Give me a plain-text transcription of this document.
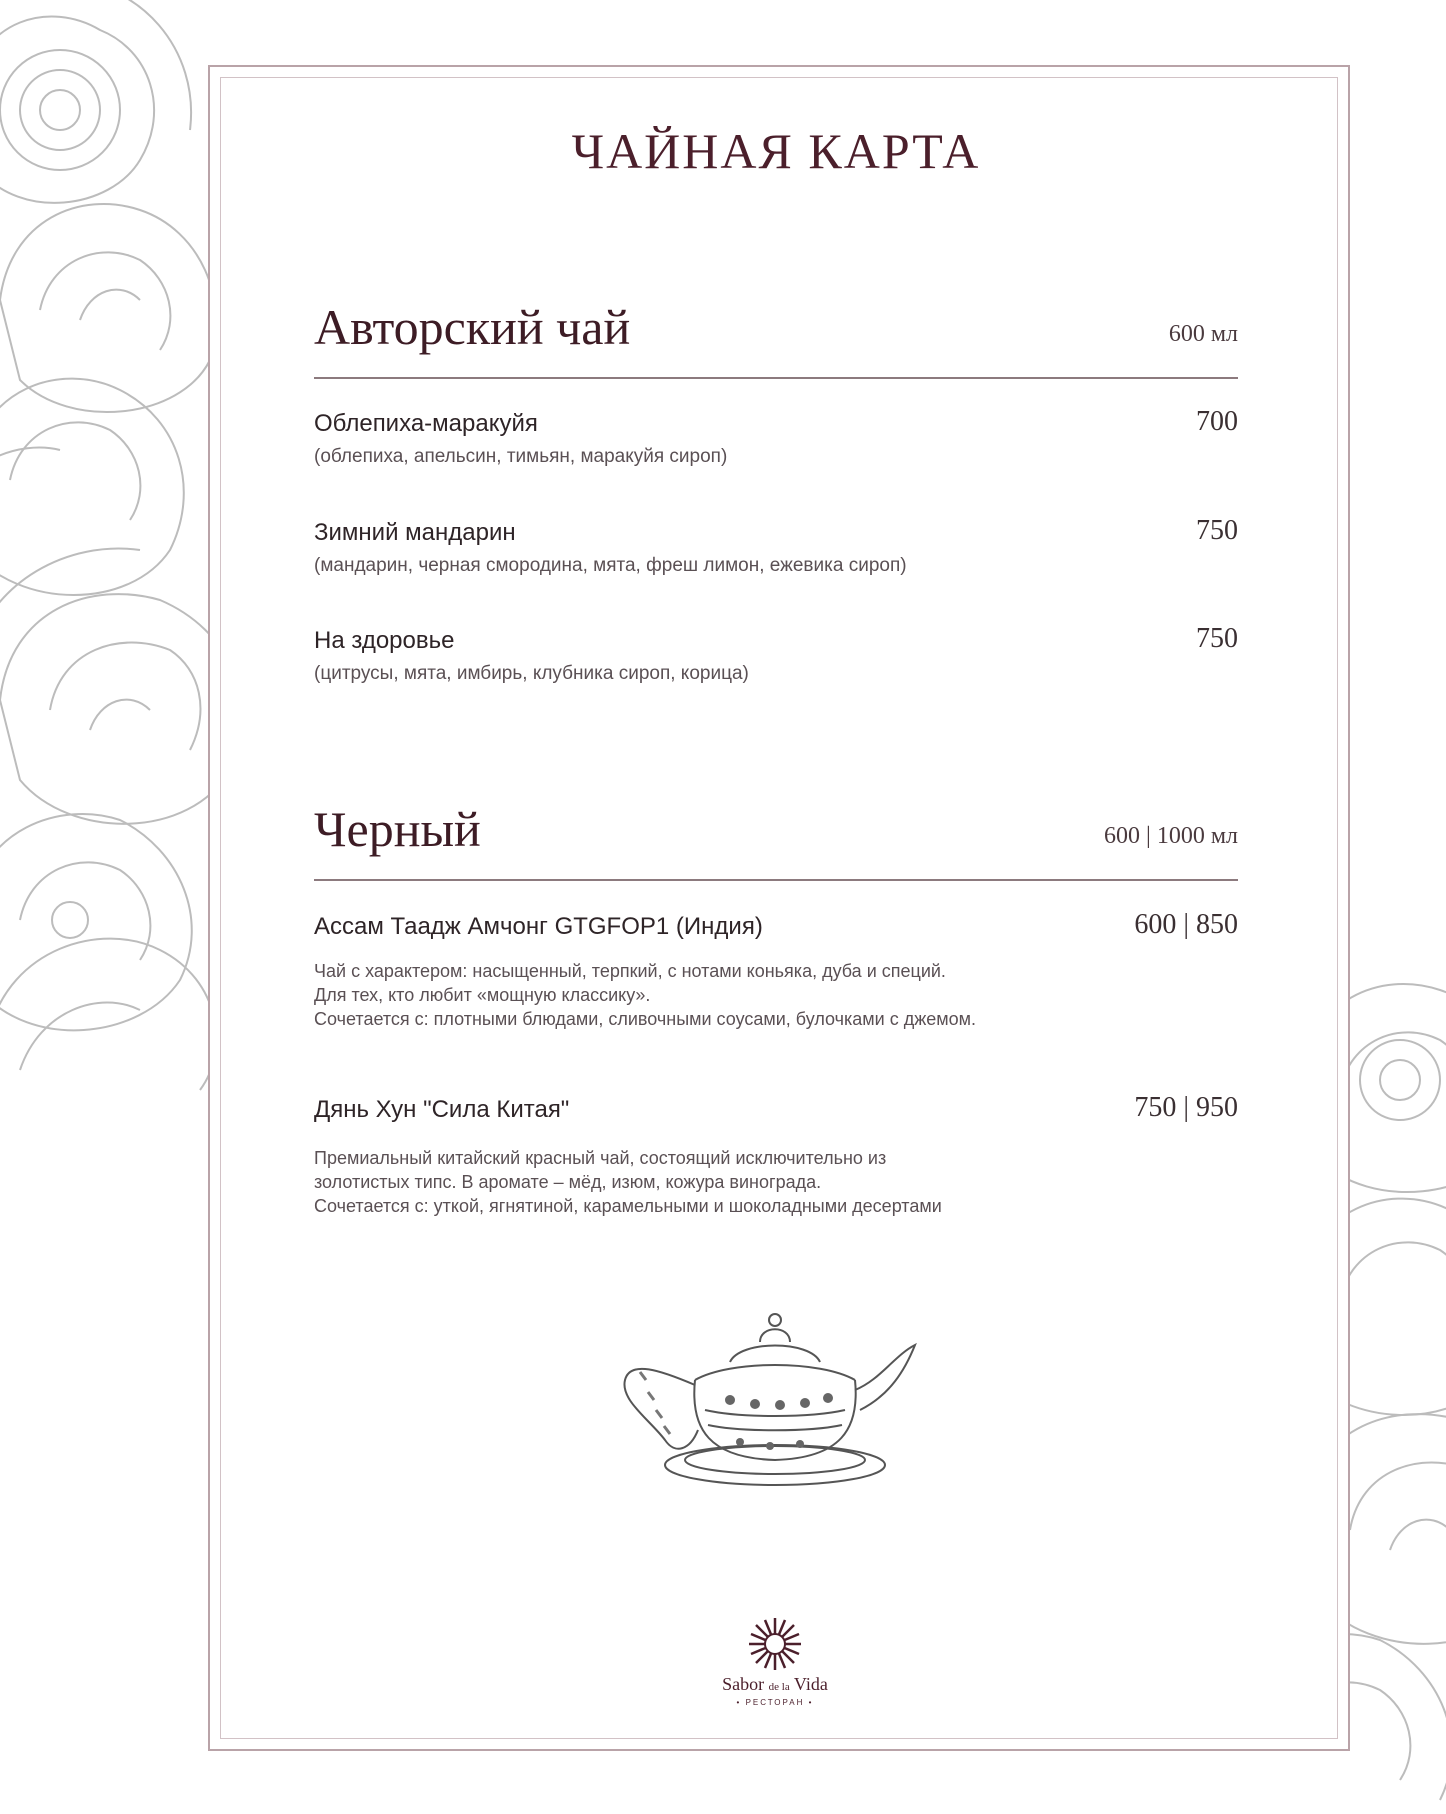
ЧАЙНАЯ КАРТА
Авторский чай	600 мл
Облепиха-маракуйя	700
(облепиха, апельсин, тимьян, маракуйя сироп)
Зимний мандарин	750
(мандарин, черная смородина, мята, фреш лимон, ежевика сироп)
На здоровье	750
(цитрусы, мята, имбирь, клубника сироп, корица)
Черный	600 | 1000 мл
Ассам Таадж Амчонг GTGFOP1 (Индия)	600 | 850
Чай с характером: насыщенный, терпкий, с нотами коньяка, дуба и специй.
Для тех, кто любит «мощную классику».
Сочетается с: плотными блюдами, сливочными соусами, булочками с джемом.
Дянь Хун "Сила Китая"	750 | 950
Премиальный китайский красный чай, состоящий исключительно из
золотистых типс. В аромате – мёд, изюм, кожура винограда.
Сочетается с: уткой, ягнятиной, карамельными и шоколадными десертами
Sabor de la Vida
• РЕСТОРАН •
